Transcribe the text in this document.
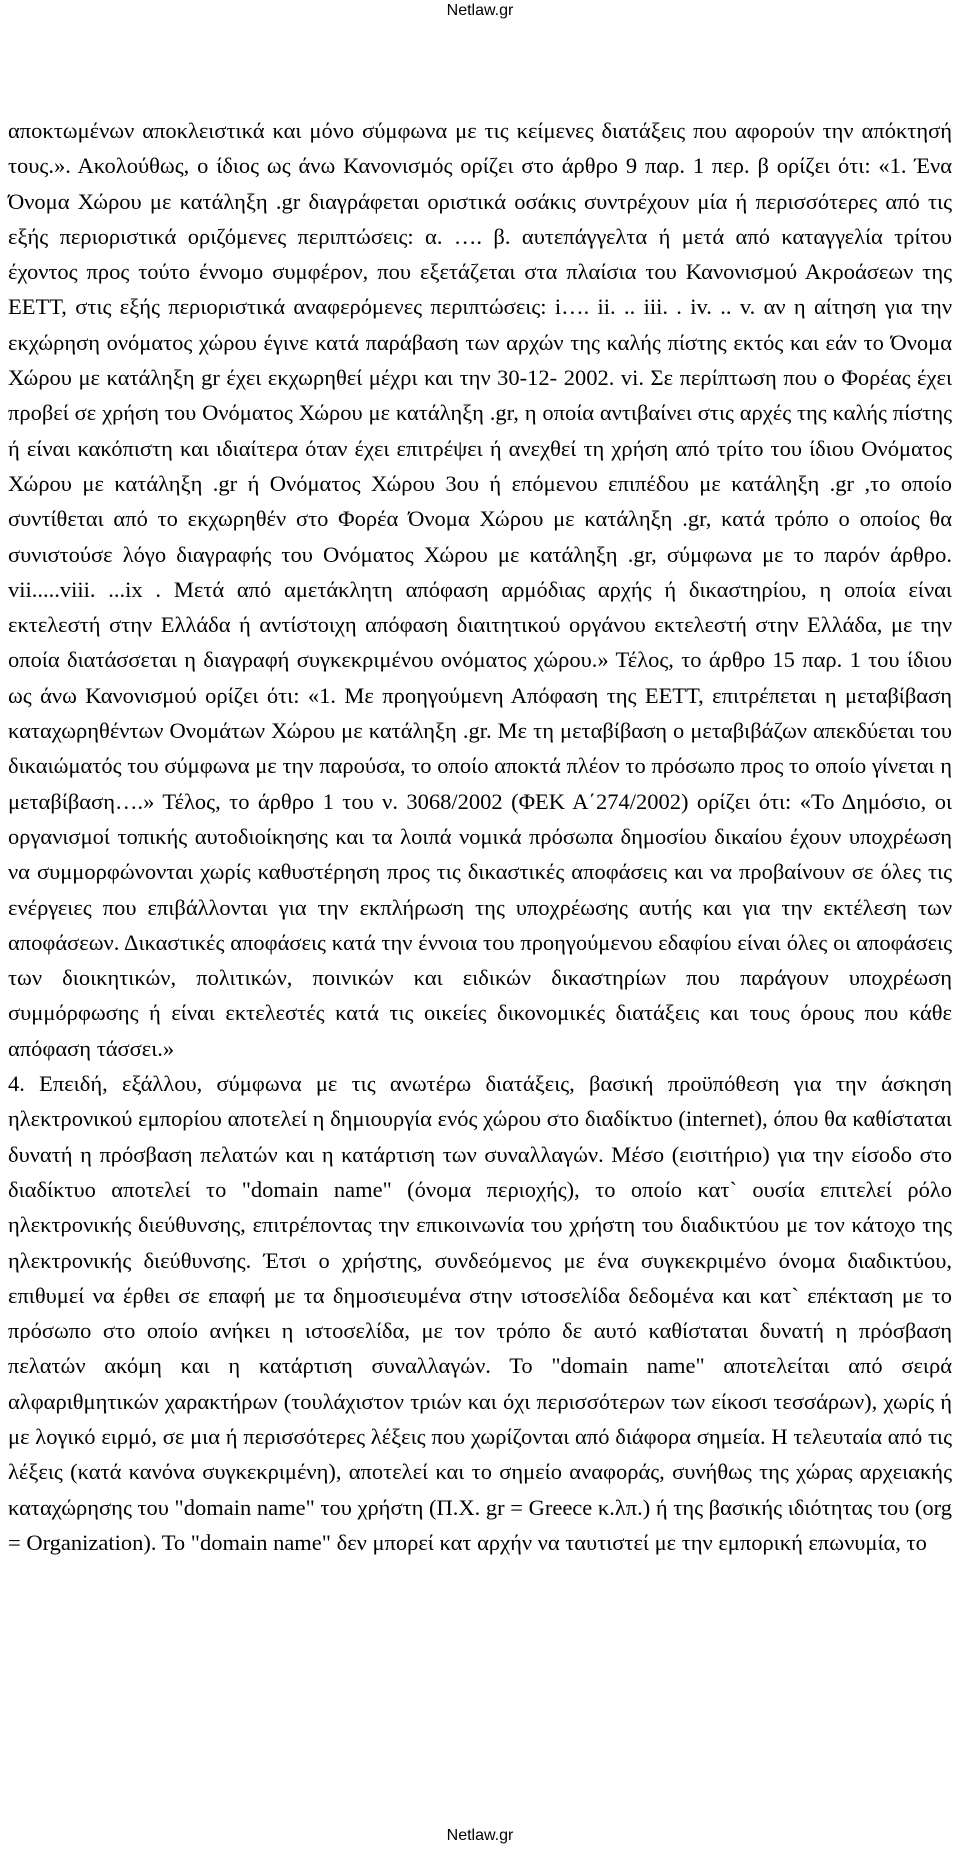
Netlaw.gr

αποκτωμένων αποκλειστικά και μόνο σύμφωνα με τις κείμενες διατάξεις που αφορούν την απόκτησή τους.». Ακολούθως, ο ίδιος ως άνω Κανονισμός ορίζει στο άρθρο 9 παρ. 1 περ. β ορίζει ότι: «1. Ένα Όνομα Χώρου με κατάληξη .gr διαγράφεται οριστικά οσάκις συντρέχουν μία ή περισσότερες από τις εξής περιοριστικά οριζόμενες περιπτώσεις: α. …. β. αυτεπάγγελτα ή μετά από καταγγελία τρίτου έχοντος προς τούτο έννομο συμφέρον, που εξετάζεται στα πλαίσια του Κανονισμού Ακροάσεων της ΕΕΤΤ, στις εξής περιοριστικά αναφερόμενες περιπτώσεις: i…. ii. .. iii. . iv. .. v. αν η αίτηση για την εκχώρηση ονόματος χώρου έγινε κατά παράβαση των αρχών της καλής πίστης εκτός και εάν το Όνομα Χώρου με κατάληξη gr έχει εκχωρηθεί μέχρι και την 30-12- 2002. vi. Σε περίπτωση που ο Φορέας έχει προβεί σε χρήση του Ονόματος Χώρου με κατάληξη .gr, η οποία αντιβαίνει στις αρχές της καλής πίστης ή είναι κακόπιστη και ιδιαίτερα όταν έχει επιτρέψει ή ανεχθεί τη χρήση από τρίτο του ίδιου Ονόματος Χώρου με κατάληξη .gr ή Ονόματος Χώρου 3ου ή επόμενου επιπέδου με κατάληξη .gr ,το οποίο συντίθεται από το εκχωρηθέν στο Φορέα Όνομα Χώρου με κατάληξη .gr, κατά τρόπο ο οποίος θα συνιστούσε λόγο διαγραφής του Ονόματος Χώρου με κατάληξη .gr, σύμφωνα με το παρόν άρθρο. vii.....viii. ...ix . Μετά από αμετάκλητη απόφαση αρμόδιας αρχής ή δικαστηρίου, η οποία είναι εκτελεστή στην Ελλάδα ή αντίστοιχη απόφαση διαιτητικού οργάνου εκτελεστή στην Ελλάδα, με την οποία διατάσσεται η διαγραφή συγκεκριμένου ονόματος χώρου.» Τέλος, το άρθρο 15 παρ. 1 του ίδιου ως άνω Κανονισμού ορίζει ότι: «1. Με προηγούμενη Απόφαση της ΕΕΤΤ, επιτρέπεται η μεταβίβαση καταχωρηθέντων Ονομάτων Χώρου με κατάληξη .gr. Με τη μεταβίβαση ο μεταβιβάζων απεκδύεται του δικαιώματός του σύμφωνα με την παρούσα, το οποίο αποκτά πλέον το πρόσωπο προς το οποίο γίνεται η μεταβίβαση….» Τέλος, το άρθρο 1 του ν. 3068/2002 (ΦΕΚ Α΄274/2002) ορίζει ότι: «Το Δημόσιο, οι οργανισμοί τοπικής αυτοδιοίκησης και τα λοιπά νομικά πρόσωπα δημοσίου δικαίου έχουν υποχρέωση να συμμορφώνονται χωρίς καθυστέρηση προς τις δικαστικές αποφάσεις και να προβαίνουν σε όλες τις ενέργειες που επιβάλλονται για την εκπλήρωση της υποχρέωσης αυτής και για την εκτέλεση των αποφάσεων. Δικαστικές αποφάσεις κατά την έννοια του προηγούμενου εδαφίου είναι όλες οι αποφάσεις των διοικητικών, πολιτικών, ποινικών και ειδικών δικαστηρίων που παράγουν υποχρέωση συμμόρφωσης ή είναι εκτελεστές κατά τις οικείες δικονομικές διατάξεις και τους όρους που κάθε απόφαση τάσσει.»

4. Επειδή, εξάλλου, σύμφωνα με τις ανωτέρω διατάξεις, βασική προϋπόθεση για την άσκηση ηλεκτρονικού εμπορίου αποτελεί η δημιουργία ενός χώρου στο διαδίκτυο (internet), όπου θα καθίσταται δυνατή η πρόσβαση πελατών και η κατάρτιση των συναλλαγών. Μέσο (εισιτήριο) για την είσοδο στο διαδίκτυο αποτελεί το "domain name" (όνομα περιοχής), το οποίο κατ` ουσία επιτελεί ρόλο ηλεκτρονικής διεύθυνσης, επιτρέποντας την επικοινωνία του χρήστη του διαδικτύου με τον κάτοχο της ηλεκτρονικής διεύθυνσης. Έτσι ο χρήστης, συνδεόμενος με ένα συγκεκριμένο όνομα διαδικτύου, επιθυμεί να έρθει σε επαφή με τα δημοσιευμένα στην ιστοσελίδα δεδομένα και κατ` επέκταση με το πρόσωπο στο οποίο ανήκει η ιστοσελίδα, με τον τρόπο δε αυτό καθίσταται δυνατή η πρόσβαση πελατών ακόμη και η κατάρτιση συναλλαγών. Το "domain name" αποτελείται από σειρά αλφαριθμητικών χαρακτήρων (τουλάχιστον τριών και όχι περισσότερων των είκοσι τεσσάρων), χωρίς ή με λογικό ειρμό, σε μια ή περισσότερες λέξεις που χωρίζονται από διάφορα σημεία. Η τελευταία από τις λέξεις (κατά κανόνα συγκεκριμένη), αποτελεί και το σημείο αναφοράς, συνήθως της χώρας αρχειακής καταχώρησης του "domain name" του χρήστη (Π.Χ. gr = Greece κ.λπ.) ή της βασικής ιδιότητας του (org = Organization). Το "domain name" δεν μπορεί κατ αρχήν να ταυτιστεί με την εμπορική επωνυμία, το

Netlaw.gr
